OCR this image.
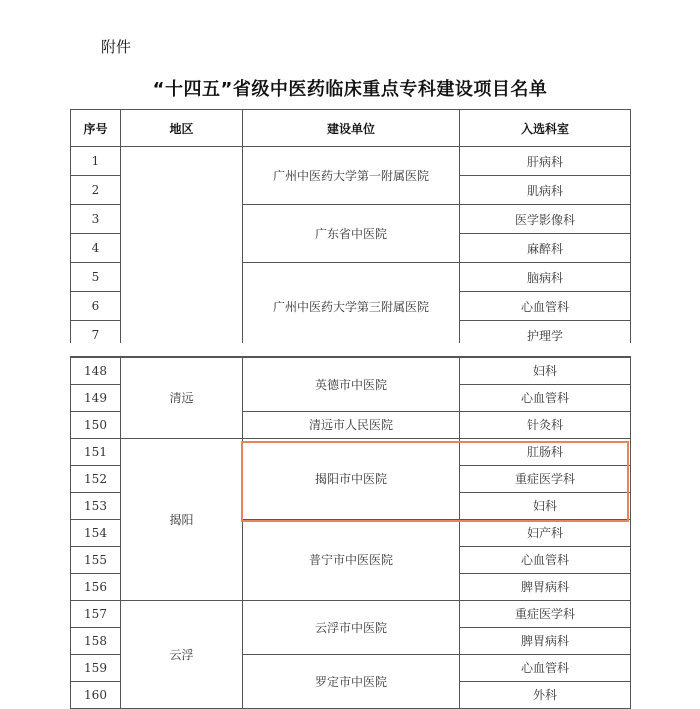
附件
“十四五”省级中医药临床重点专科建设项目名单
序号	地区	建设单位	入选科室
1		广州中医药大学第一附属医院	肝病科
2			肌病科
3		广东省中医院	医学影像科
4			麻醉科
5		广州中医药大学第三附属医院	脑病科
6			心血管科
7			护理学
148	清远	英德市中医院	妇科
149			心血管科
150		清远市人民医院	针灸科
151	揭阳	揭阳市中医院	肛肠科
152			重症医学科
153			妇科
154		普宁市中医医院	妇产科
155			心血管科
156			脾胃病科
157	云浮	云浮市中医院	重症医学科
158			脾胃病科
159		罗定市中医院	心血管科
160			外科
